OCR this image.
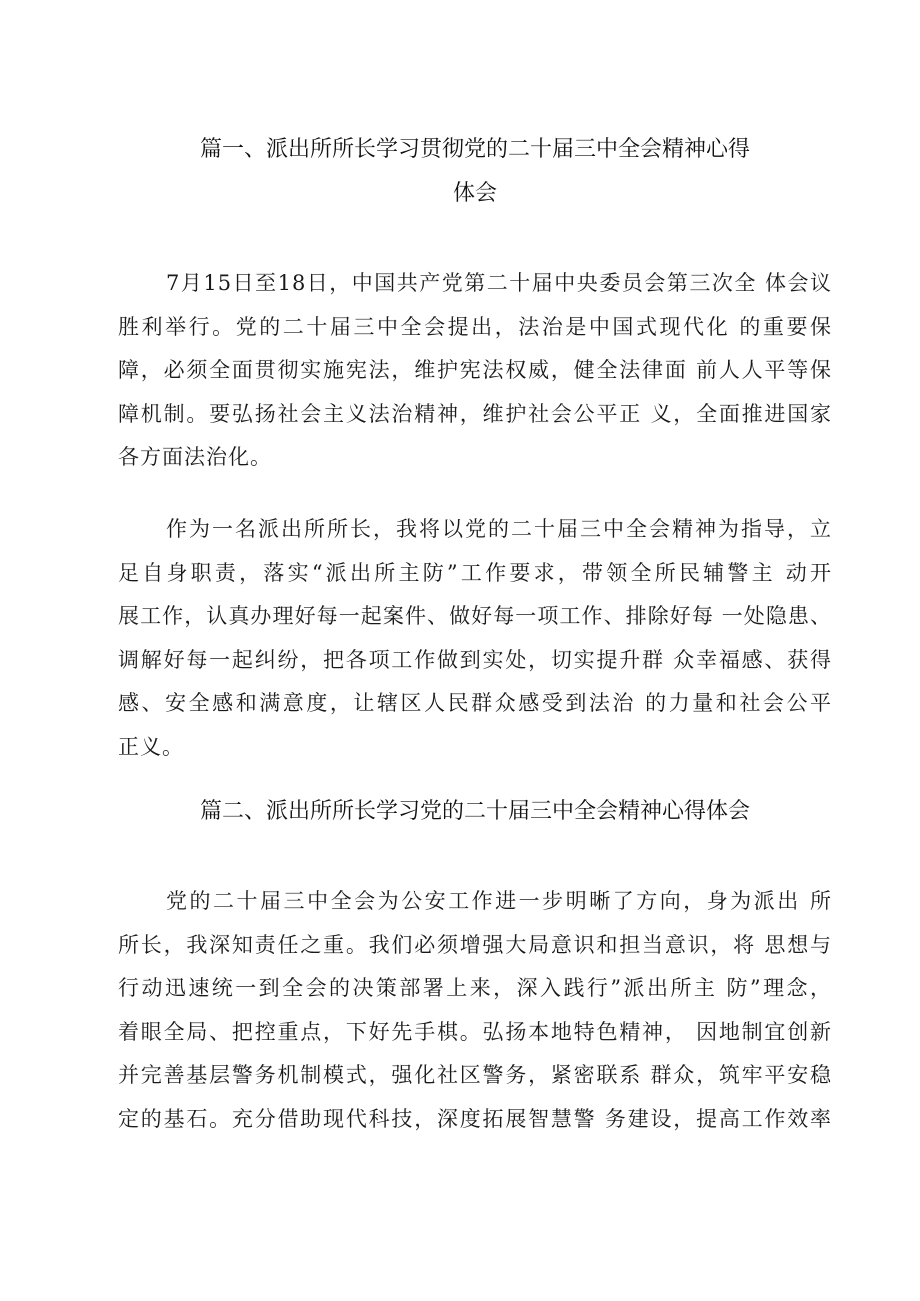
篇一、派出所所长学习贯彻党的二十届三中全会精神心得
体会
7月15日至18日，中国共产党第二十届中央委员会第三次全 体会议
胜利举行。党的二十届三中全会提出，法治是中国式现代化 的重要保
障，必须全面贯彻实施宪法，维护宪法权威，健全法律面 前人人平等保
障机制。要弘扬社会主义法治精神，维护社会公平正 义，全面推进国家
各方面法治化。
作为一名派出所所长，我将以党的二十届三中全会精神为指导，立
足自身职责，落实“派出所主防”工作要求，带领全所民辅警主 动开
展工作，认真办理好每一起案件、做好每一项工作、排除好每 一处隐患、
调解好每一起纠纷，把各项工作做到实处，切实提升群 众幸福感、获得
感、安全感和满意度，让辖区人民群众感受到法治 的力量和社会公平
正义。
篇二、派出所所长学习党的二十届三中全会精神心得体会
党的二十届三中全会为公安工作进一步明晰了方向，身为派出 所
所长，我深知责任之重。我们必须增强大局意识和担当意识，将 思想与
行动迅速统一到全会的决策部署上来，深入践行”派出所主 防”理念，
着眼全局、把控重点，下好先手棋。弘扬本地特色精神， 因地制宜创新
并完善基层警务机制模式，强化社区警务，紧密联系 群众，筑牢平安稳
定的基石。充分借助现代科技，深度拓展智慧警 务建设，提高工作效率
